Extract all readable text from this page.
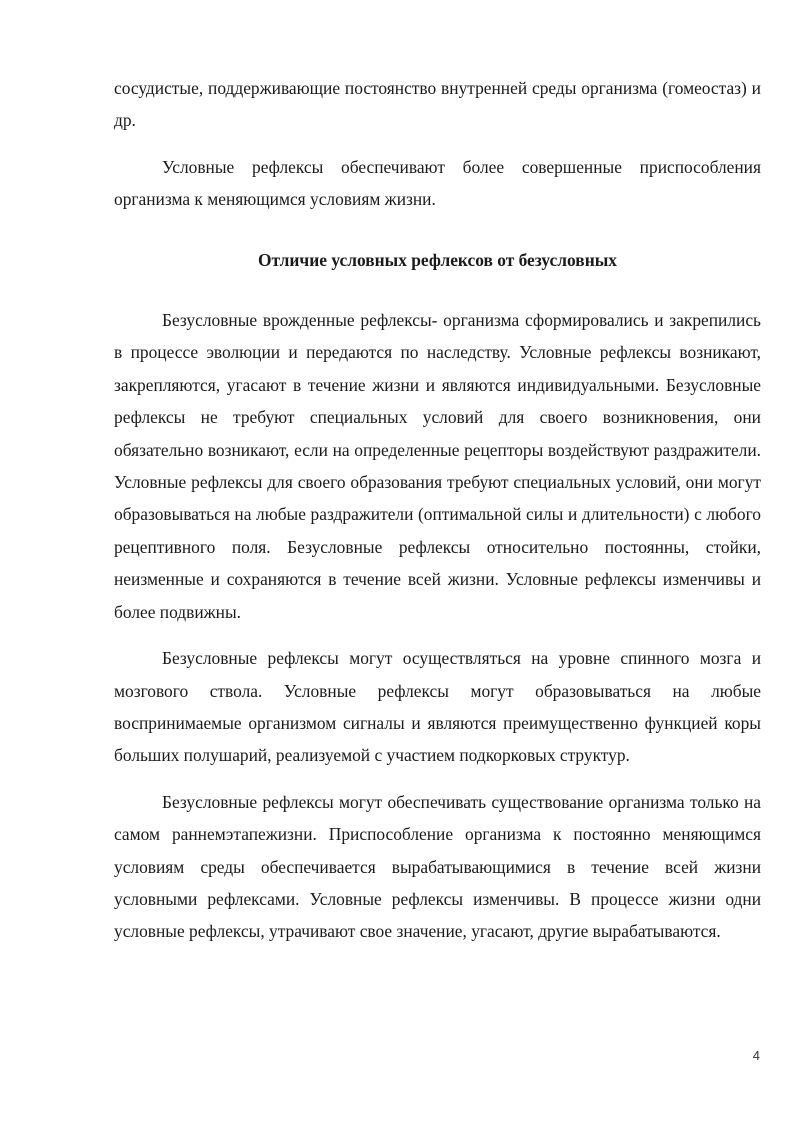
сосудистые, поддерживающие постоянство внутренней среды организма (гомеостаз) и др.

Условные рефлексы обеспечивают более совершенные приспособления организма к меняющимся условиям жизни.

Отличие условных рефлексов от безусловных

Безусловные врожденные рефлексы- организма сформировались и закрепились в процессе эволюции и передаются по наследству. Условные рефлексы возникают, закрепляются, угасают в течение жизни и являются индивидуальными. Безусловные рефлексы не требуют специальных условий для своего возникновения, они обязательно возникают, если на определенные рецепторы воздействуют раздражители. Условные рефлексы для своего образования требуют специальных условий, они могут образовываться на любые раздражители (оптимальной силы и длительности) с любого рецептивного поля. Безусловные рефлексы относительно постоянны, стойки, неизменные и сохраняются в течение всей жизни. Условные рефлексы изменчивы и более подвижны.

Безусловные рефлексы могут осуществляться на уровне спинного мозга и мозгового ствола. Условные рефлексы могут образовываться на любые воспринимаемые организмом сигналы и являются преимущественно функцией коры больших полушарий, реализуемой с участием подкорковых структур.

Безусловные рефлексы могут обеспечивать существование организма только на самом раннемэтапежизни. Приспособление организма к постоянно меняющимся условиям среды обеспечивается вырабатывающимися в течение всей жизни условными рефлексами. Условные рефлексы изменчивы. В процессе жизни одни условные рефлексы, утрачивают свое значение, угасают, другие вырабатываются.

4
